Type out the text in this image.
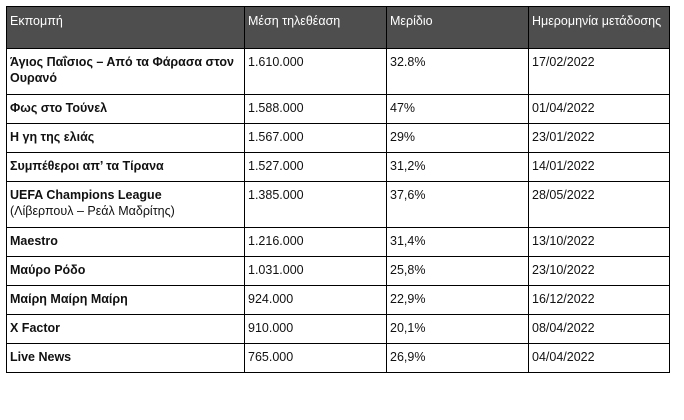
Εκπομπή	Μέση τηλεθέαση	Μερίδιο	Ημερομηνία μετάδοσης
Άγιος Παΐσιος – Από τα Φάρασα στον Ουρανό	1.610.000	32.8%	17/02/2022
Φως στο Τούνελ	1.588.000	47%	01/04/2022
Η γη της ελιάς	1.567.000	29%	23/01/2022
Συμπέθεροι απ’ τα Τίρανα	1.527.000	31,2%	14/01/2022
UEFA Champions League
(Λίβερπουλ – Ρεάλ Μαδρίτης)	1.385.000	37,6%	28/05/2022
Maestro	1.216.000	31,4%	13/10/2022
Μαύρο Ρόδο	1.031.000	25,8%	23/10/2022
Μαίρη Μαίρη Μαίρη	924.000	22,9%	16/12/2022
X Factor	910.000	20,1%	08/04/2022
Live News	765.000	26,9%	04/04/2022
